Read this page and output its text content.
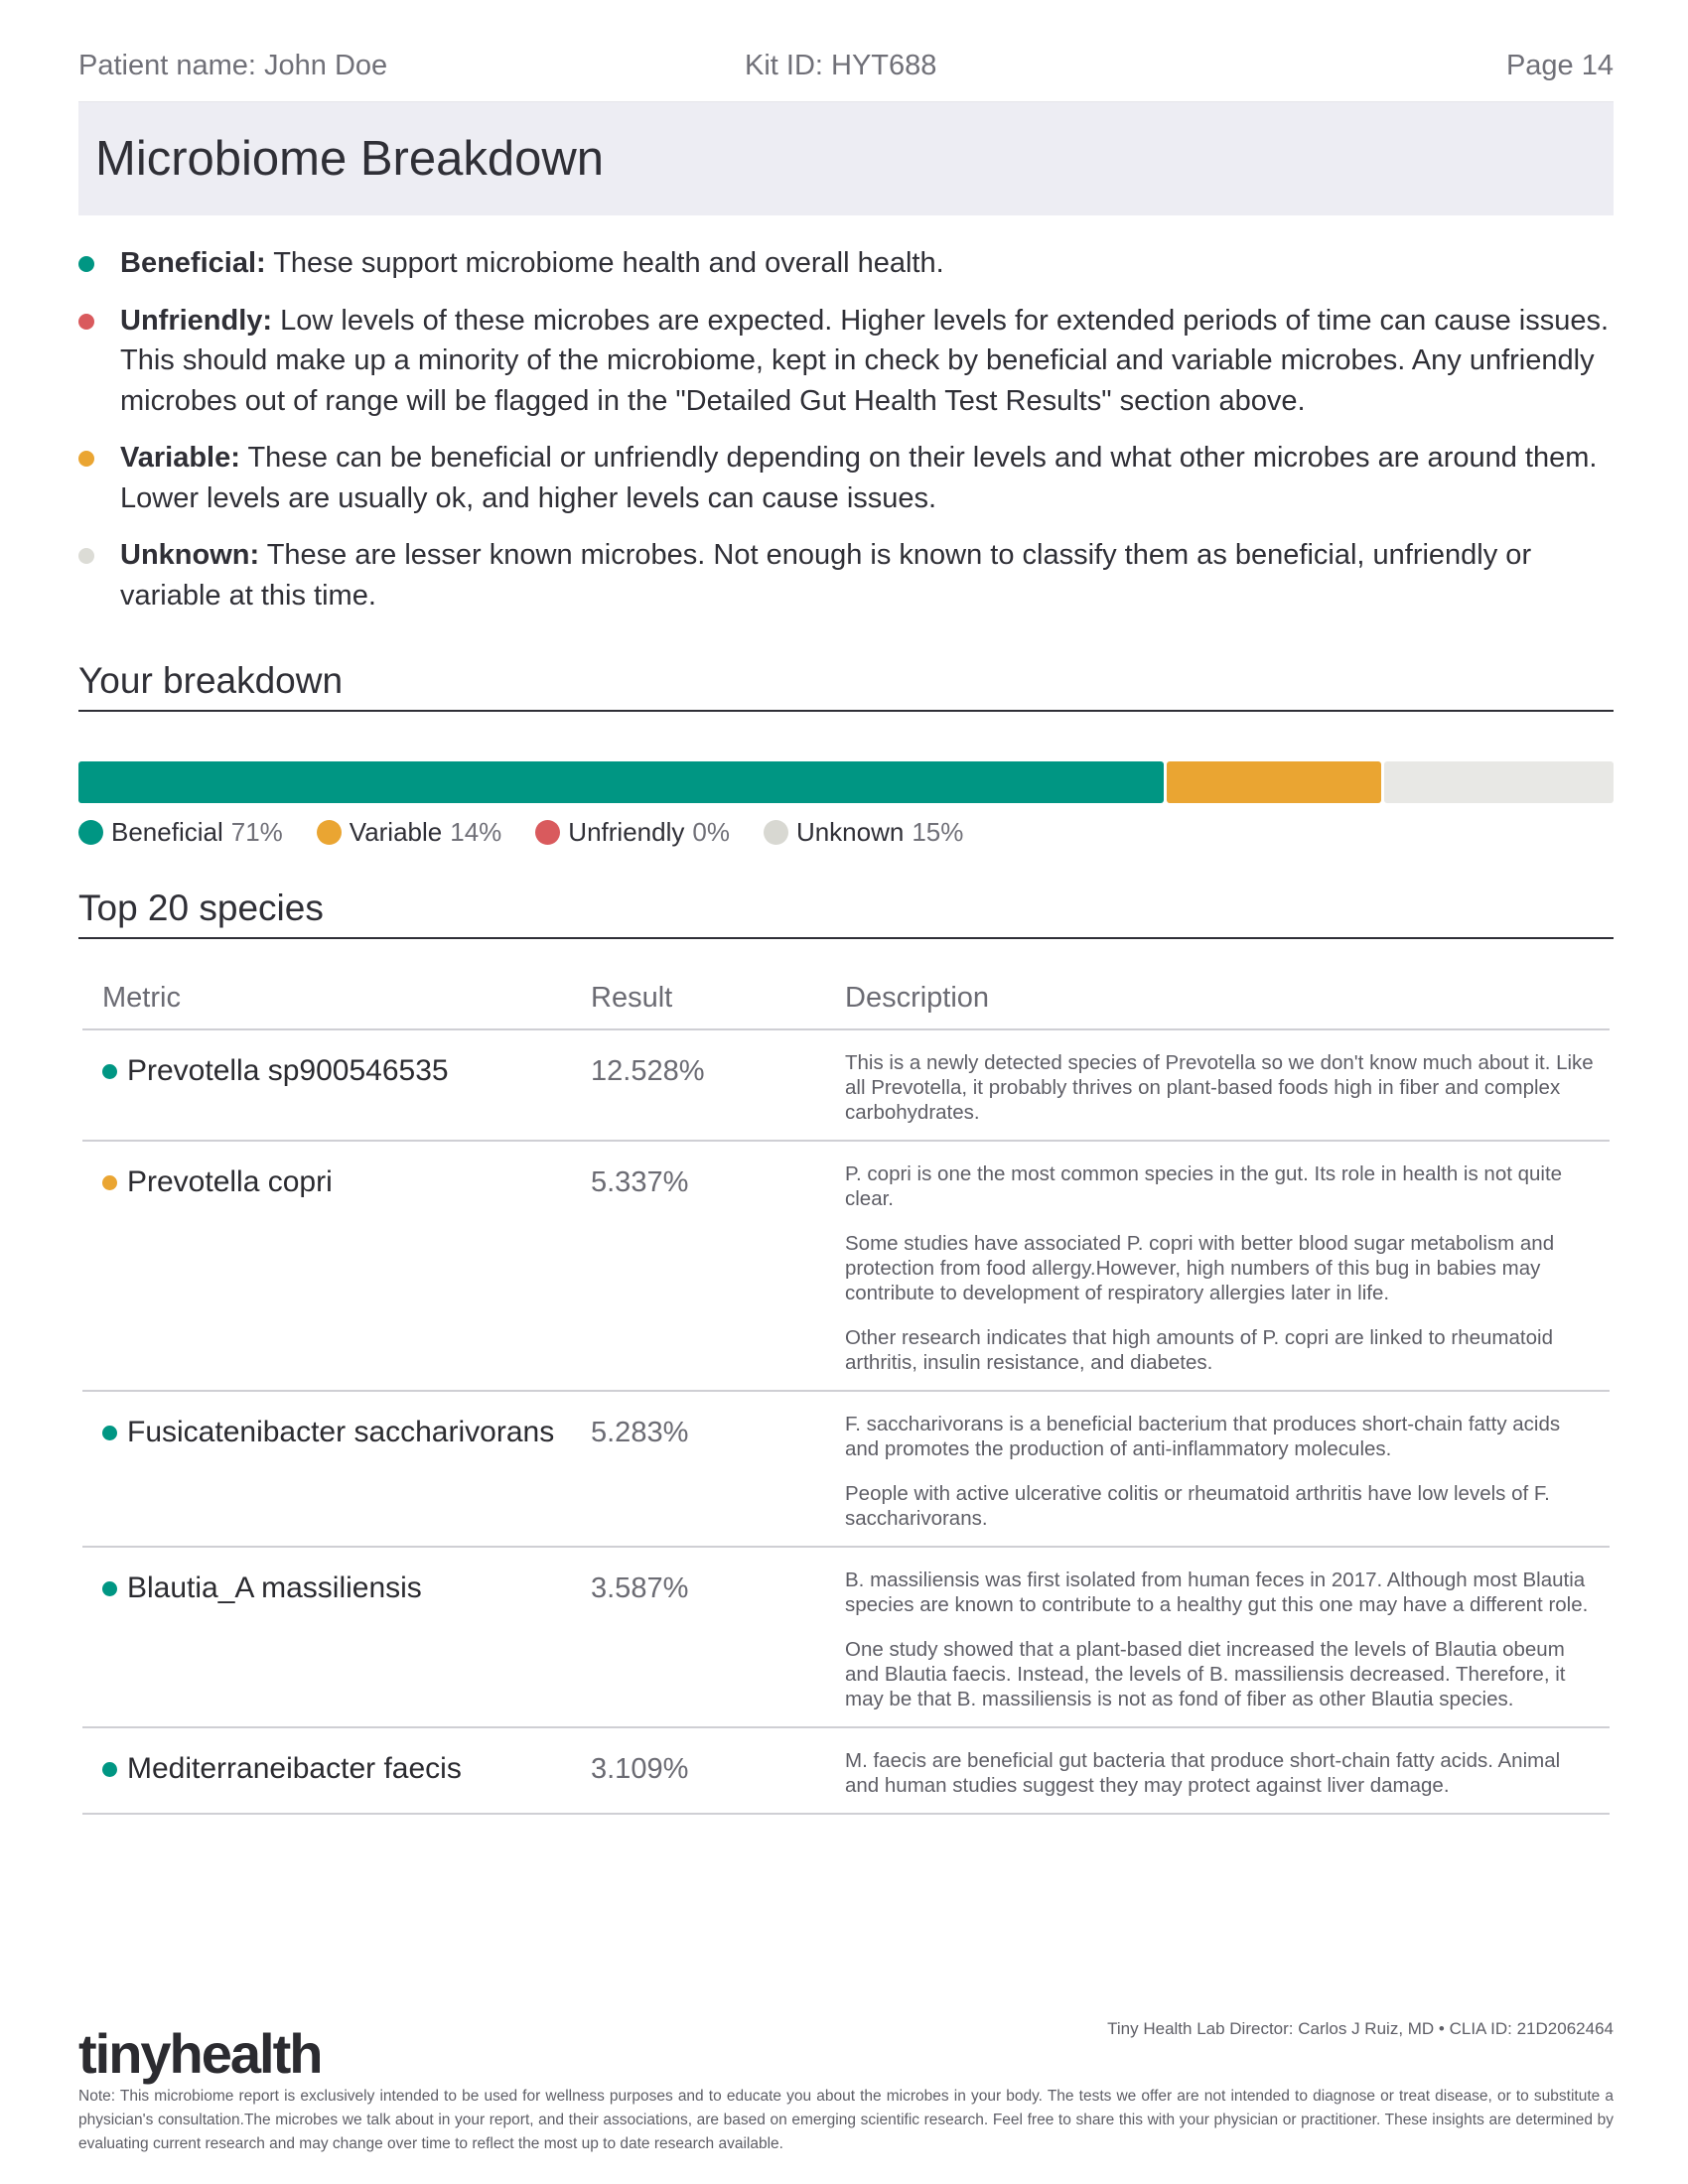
Patient name: John Doe	Kit ID: HYT688	Page 14
Microbiome Breakdown
Beneficial: These support microbiome health and overall health.
Unfriendly: Low levels of these microbes are expected. Higher levels for extended periods of time can cause issues. This should make up a minority of the microbiome, kept in check by beneficial and variable microbes. Any unfriendly microbes out of range will be flagged in the "Detailed Gut Health Test Results" section above.
Variable: These can be beneficial or unfriendly depending on their levels and what other microbes are around them. Lower levels are usually ok, and higher levels can cause issues.
Unknown: These are lesser known microbes. Not enough is known to classify them as beneficial, unfriendly or variable at this time.
Your breakdown
Beneficial 71%	Variable 14%	Unfriendly 0%	Unknown 15%
Top 20 species
Metric	Result	Description
Prevotella sp900546535	12.528%	This is a newly detected species of Prevotella so we don't know much about it. Like all Prevotella, it probably thrives on plant-based foods high in fiber and complex carbohydrates.

Prevotella copri	5.337%	P. copri is one the most common species in the gut. Its role in health is not quite clear.

Some studies have associated P. copri with better blood sugar metabolism and protection from food allergy.However, high numbers of this bug in babies may contribute to development of respiratory allergies later in life.

Other research indicates that high amounts of P. copri are linked to rheumatoid arthritis, insulin resistance, and diabetes.

Fusicatenibacter saccharivorans 5.283%	F. saccharivorans is a beneficial bacterium that produces short-chain fatty acids and promotes the production of anti-inflammatory molecules.

People with active ulcerative colitis or rheumatoid arthritis have low levels of F. saccharivorans.

Blautia_A massiliensis	3.587%	B. massiliensis was first isolated from human feces in 2017. Although most Blautia species are known to contribute to a healthy gut this one may have a different role.

One study showed that a plant-based diet increased the levels of Blautia obeum and Blautia faecis. Instead, the levels of B. massiliensis decreased. Therefore, it may be that B. massiliensis is not as fond of fiber as other Blautia species.

Mediterraneibacter faecis	3.109%	M. faecis are beneficial gut bacteria that produce short-chain fatty acids. Animal and human studies suggest they may protect against liver damage.

tinyhealth	Tiny Health Lab Director: Carlos J Ruiz, MD • CLIA ID: 21D2062464
Note: This microbiome report is exclusively intended to be used for wellness purposes and to educate you about the microbes in your body. The tests we offer are not intended to diagnose or treat disease, or to substitute a physician's consultation.The microbes we talk about in your report, and their associations, are based on emerging scientific research. Feel free to share this with your physician or practitioner. These insights are determined by evaluating current research and may change over time to reflect the most up to date research available.
